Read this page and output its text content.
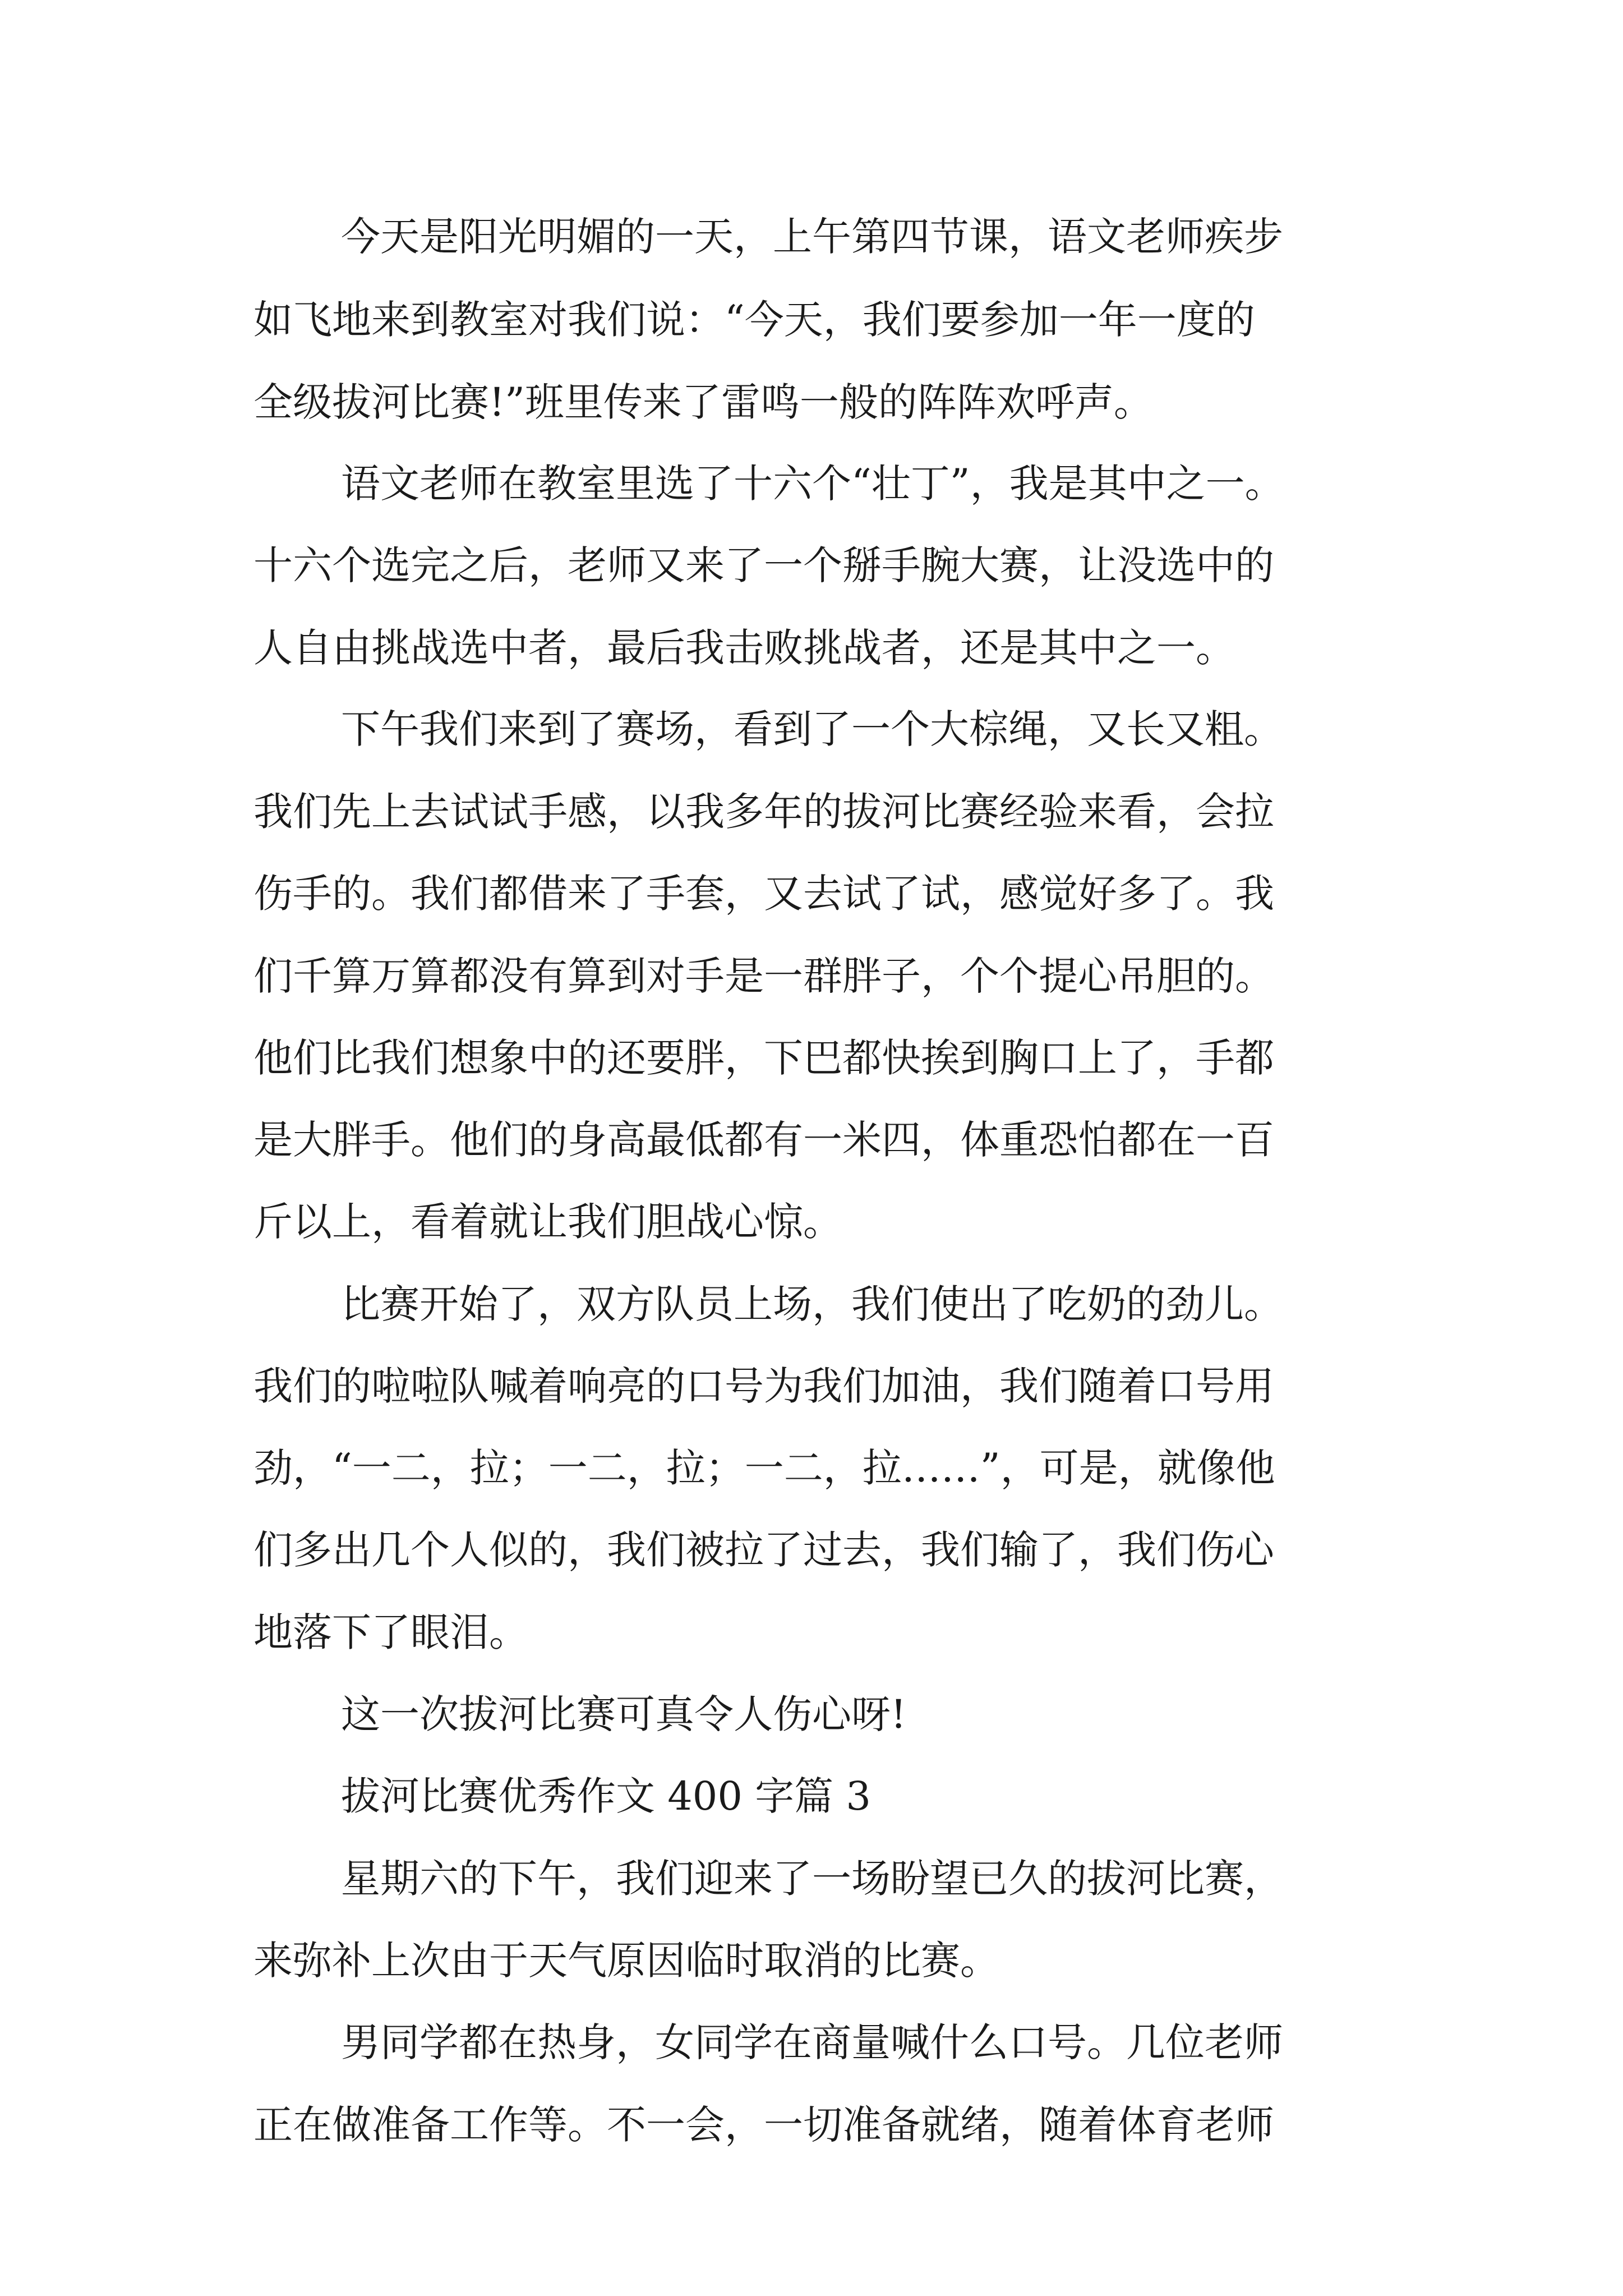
今天是阳光明媚的一天，上午第四节课，语文老师疾步

如飞地来到教室对我们说：“今天，我们要参加一年一度的

全级拔河比赛!”班里传来了雷鸣一般的阵阵欢呼声。

语文老师在教室里选了十六个“壮丁”，我是其中之一。

十六个选完之后，老师又来了一个掰手腕大赛，让没选中的

人自由挑战选中者，最后我击败挑战者，还是其中之一。

下午我们来到了赛场，看到了一个大棕绳，又长又粗。

我们先上去试试手感，以我多年的拔河比赛经验来看，会拉

伤手的。我们都借来了手套，又去试了试，感觉好多了。我

们千算万算都没有算到对手是一群胖子，个个提心吊胆的。

他们比我们想象中的还要胖，下巴都快挨到胸口上了，手都

是大胖手。他们的身高最低都有一米四，体重恐怕都在一百

斤以上，看着就让我们胆战心惊。

比赛开始了，双方队员上场，我们使出了吃奶的劲儿。

我们的啦啦队喊着响亮的口号为我们加油，我们随着口号用

劲，“一二，拉；一二，拉；一二，拉……”，可是，就像他

们多出几个人似的，我们被拉了过去，我们输了，我们伤心

地落下了眼泪。

这一次拔河比赛可真令人伤心呀!

拔河比赛优秀作文 400 字篇 3

星期六的下午，我们迎来了一场盼望已久的拔河比赛，

来弥补上次由于天气原因临时取消的比赛。

男同学都在热身，女同学在商量喊什么口号。几位老师

正在做准备工作等。不一会，一切准备就绪，随着体育老师
